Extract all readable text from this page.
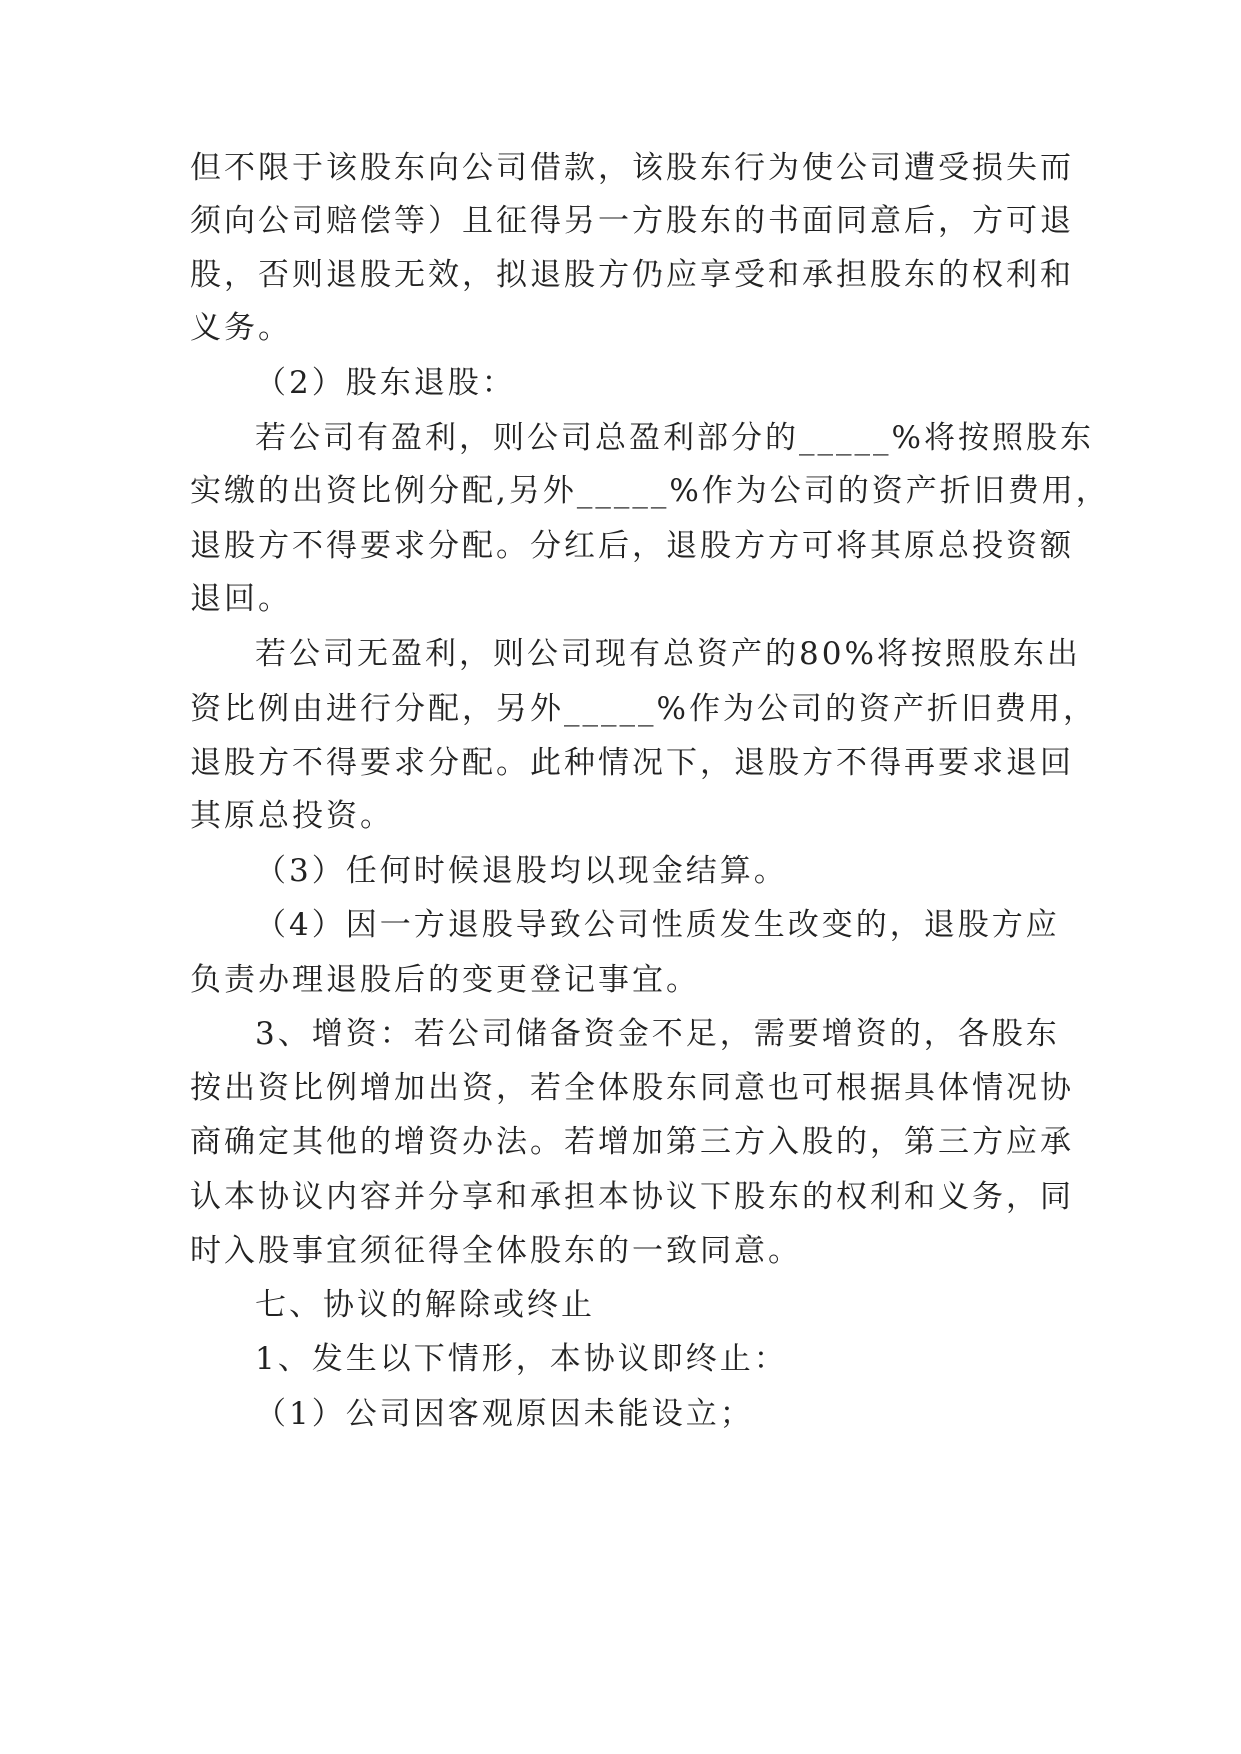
但不限于该股东向公司借款，该股东行为使公司遭受损失而
须向公司赔偿等）且征得另一方股东的书面同意后，方可退
股，否则退股无效，拟退股方仍应享受和承担股东的权利和
义务。
（2）股东退股：
若公司有盈利，则公司总盈利部分的_____%将按照股东
实缴的出资比例分配,另外_____%作为公司的资产折旧费用，
退股方不得要求分配。分红后，退股方方可将其原总投资额
退回。
若公司无盈利，则公司现有总资产的80%将按照股东出
资比例由进行分配，另外_____%作为公司的资产折旧费用，
退股方不得要求分配。此种情况下，退股方不得再要求退回
其原总投资。
（3）任何时候退股均以现金结算。
（4）因一方退股导致公司性质发生改变的，退股方应
负责办理退股后的变更登记事宜。
3、增资：若公司储备资金不足，需要增资的，各股东
按出资比例增加出资，若全体股东同意也可根据具体情况协
商确定其他的增资办法。若增加第三方入股的，第三方应承
认本协议内容并分享和承担本协议下股东的权利和义务，同
时入股事宜须征得全体股东的一致同意。
七、协议的解除或终止
1、发生以下情形，本协议即终止：
（1）公司因客观原因未能设立；
